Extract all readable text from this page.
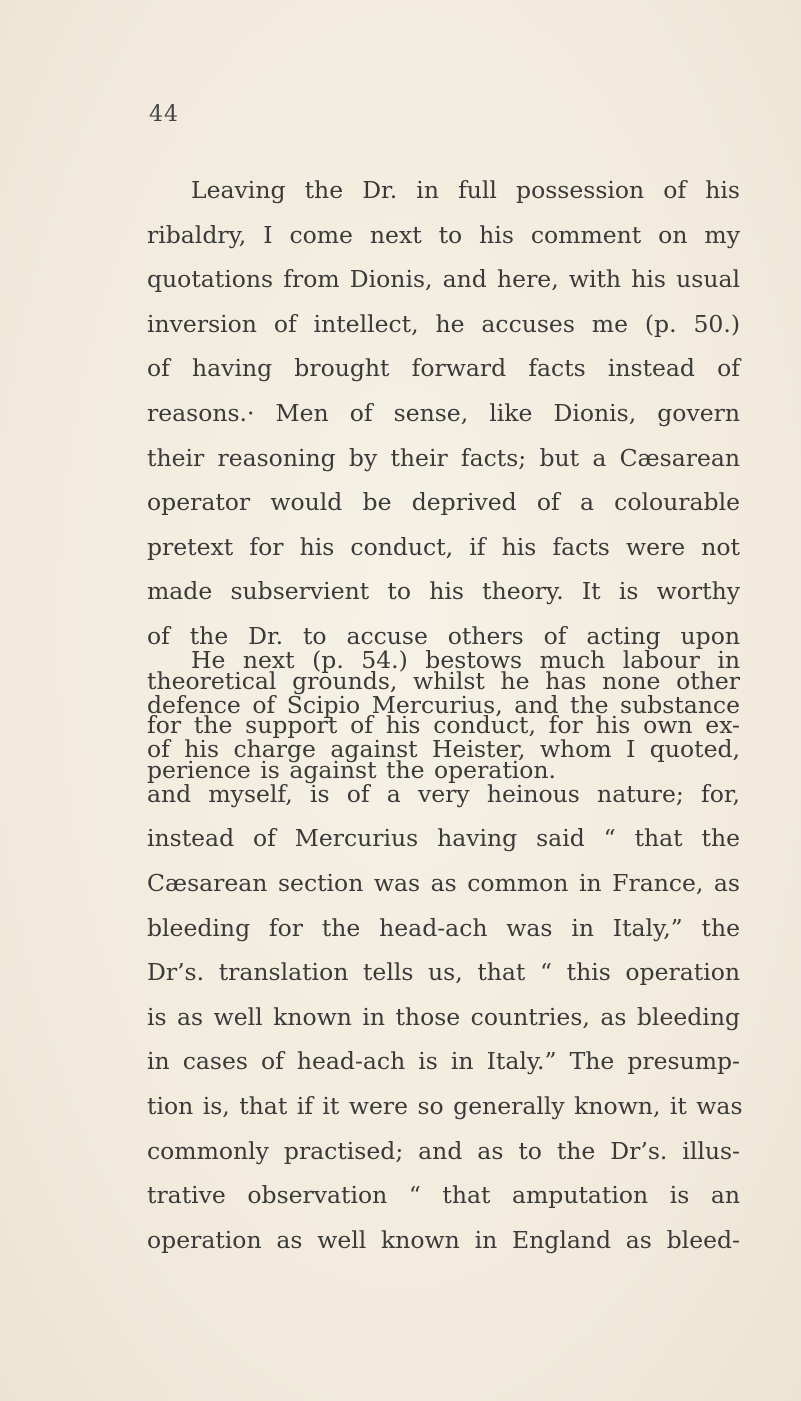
44
Leaving the Dr. in full possession of his
ribaldry, I come next to his comment on my
quotations from Dionis, and here, with his usual
inversion of intellect, he accuses me (p. 50.)
of having brought forward facts instead of
reasons.· Men of sense, like Dionis, govern
their reasoning by their facts; but a Cæsarean
operator would be deprived of a colourable
pretext for his conduct, if his facts were not
made subservient to his theory. It is worthy
of the Dr. to accuse others of acting upon
theoretical grounds, whilst he has none other
for the support of his conduct, for his own ex-
perience is against the operation.
He next (p. 54.) bestows much labour in
defence of Scipio Mercurius, and the substance
of his charge against Heister, whom I quoted,
and myself, is of a very heinous nature; for,
instead of Mercurius having said “ that the
Cæsarean section was as common in France, as
bleeding for the head-ach was in Italy,” the
Dr’s. translation tells us, that “ this operation
is as well known in those countries, as bleeding
in cases of head-ach is in Italy.” The presump-
tion is, that if it were so generally known, it was
commonly practised; and as to the Dr’s. illus-
trative observation “ that amputation is an
operation as well known in England as bleed-
